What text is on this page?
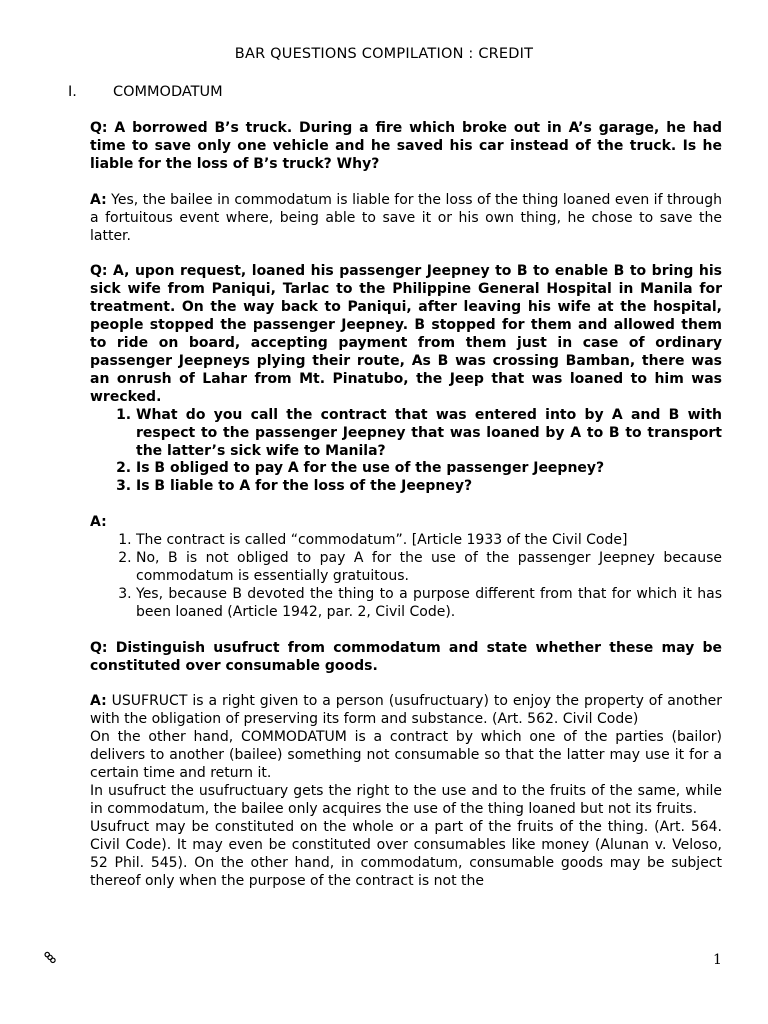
BAR QUESTIONS COMPILATION : CREDIT
I. COMMODATUM

Q: A borrowed B’s truck. During a fire which broke out in A’s garage, he had time to save only one vehicle and he saved his car instead of the truck. Is he liable for the loss of B’s truck? Why?

A: Yes, the bailee in commodatum is liable for the loss of the thing loaned even if through a fortuitous event where, being able to save it or his own thing, he chose to save the latter.

Q: A, upon request, loaned his passenger Jeepney to B to enable B to bring his sick wife from Paniqui, Tarlac to the Philippine General Hospital in Manila for treatment. On the way back to Paniqui, after leaving his wife at the hospital, people stopped the passenger Jeepney. B stopped for them and allowed them to ride on board, accepting payment from them just in case of ordinary passenger Jeepneys plying their route, As B was crossing Bamban, there was an onrush of Lahar from Mt. Pinatubo, the Jeep that was loaned to him was wrecked.

1. What do you call the contract that was entered into by A and B with respect to the passenger Jeepney that was loaned by A to B to transport the latter’s sick wife to Manila?
2. Is B obliged to pay A for the use of the passenger Jeepney?
3. Is B liable to A for the loss of the Jeepney?

A:

1. The contract is called “commodatum”. [Article 1933 of the Civil Code]
2. No, B is not obliged to pay A for the use of the passenger Jeepney because commodatum is essentially gratuitous.
3. Yes, because B devoted the thing to a purpose different from that for which it has been loaned (Article 1942, par. 2, Civil Code).

Q: Distinguish usufruct from commodatum and state whether these may be constituted over consumable goods.

A: USUFRUCT is a right given to a person (usufructuary) to enjoy the property of another with the obligation of preserving its form and substance. (Art. 562. Civil Code)

On the other hand, COMMODATUM is a contract by which one of the parties (bailor) delivers to another (bailee) something not consumable so that the latter may use it for a certain time and return it.

In usufruct the usufructuary gets the right to the use and to the fruits of the same, while in commodatum, the bailee only acquires the use of the thing loaned but not its fruits.

Usufruct may be constituted on the whole or a part of the fruits of the thing. (Art. 564. Civil Code). It may even be constituted over consumables like money (Alunan v. Veloso, 52 Phil. 545). On the other hand, in commodatum, consumable goods may be subject thereof only when the purpose of the contract is not the

1
